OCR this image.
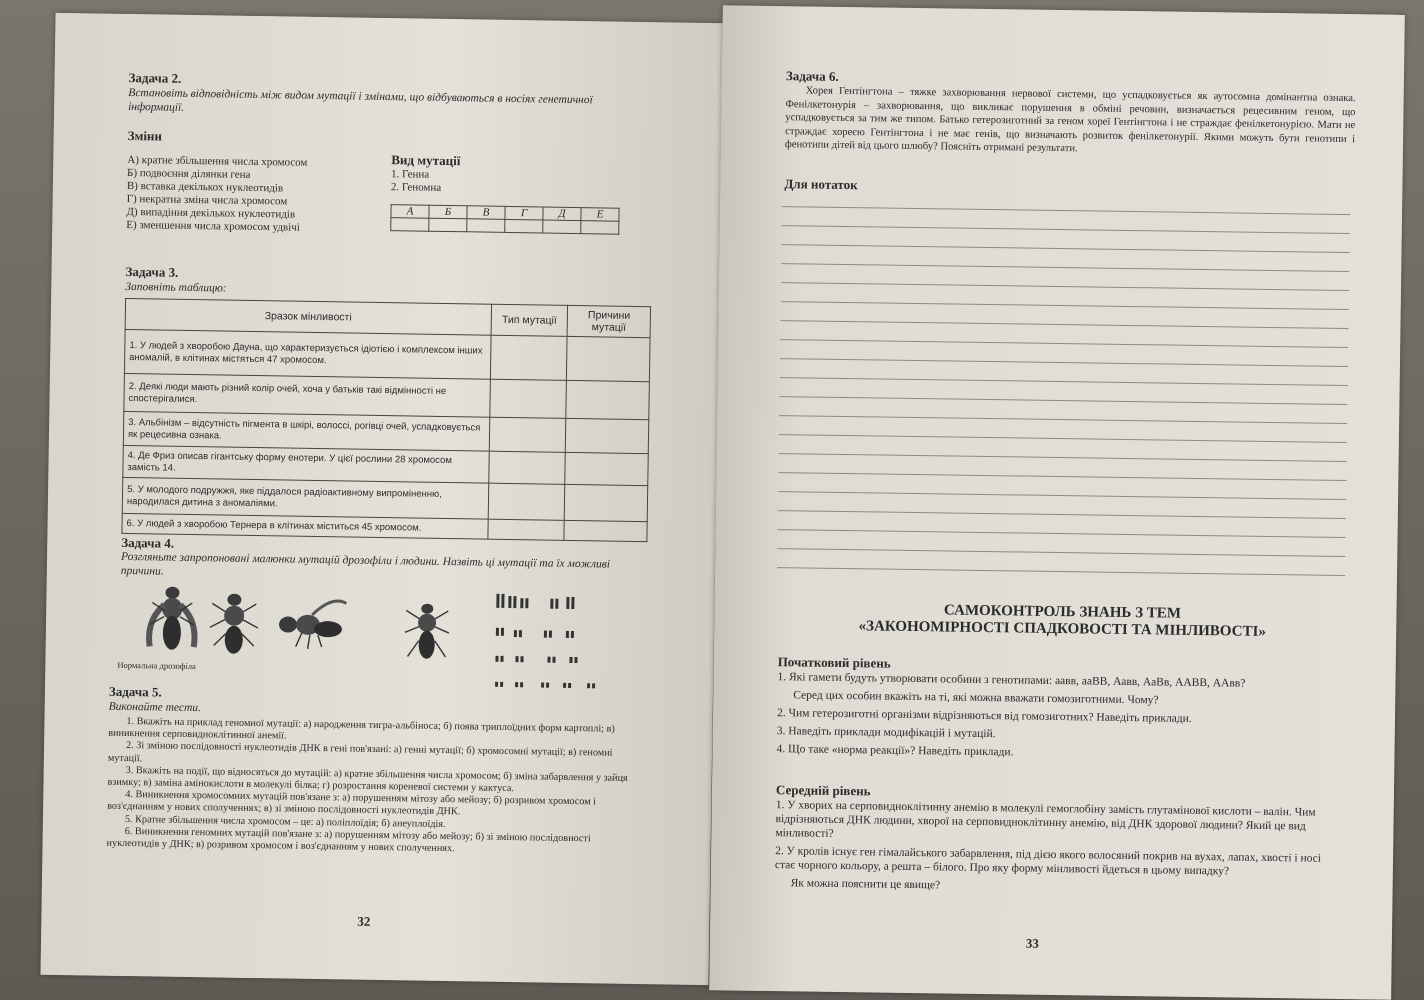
Задача 2.
Встановіть відповідність між видом мутації і змінами, що відбуваються в носіях генетичної інформації.
Зміни
А) кратне збільшення числа хромосом
Б) подвоєння ділянки гена
В) вставка декількох нуклеотидів
Г) некратна зміна числа хромосом
Д) випадіння декількох нуклеотидів
Е) зменшення числа хромосом удвічі
Вид мутації
1. Генна
2. Геномна
А	Б	В	Г	Д	Е

Задача 3.
Заповніть таблицю:
Зразок мінливості	Тип мутації	Причини мутації
1. У людей з хворобою Дауна, що характеризується ідіотією і комплексом інших аномалій, в клітинах містяться 47 хромосом.		
2. Деякі люди мають різний колір очей, хоча у батьків такі відмінності не спостерігалися.		
3. Альбінізм – відсутність пігмента в шкірі, волоссі, рогівці очей, успадковується як рецесивна ознака.		
4. Де Фриз описав гігантську форму енотери. У цієї рослини 28 хромосом замість 14.		
5. У молодого подружжя, яке піддалося радіоактивному випроміненню, народилася дитина з аномаліями.		
6. У людей з хворобою Тернера в клітинах міститься 45 хромосом.		
Задача 4.
Розгляньте запропоновані малюнки мутацій дрозофіли і людини. Назвіть ці мутації та їх можливі причини.
Нормальна дрозофіла
Задача 5.
Виконайте тести.
1. Вкажіть на приклад геномної мутації: а) народження тигра-альбіноса; б) поява триплоїдних форм картоплі; в) виникнення серповидноклітинної анемії.
2. Зі зміною послідовності нуклеотидів ДНК в гені пов'язані: а) генні мутації; б) хромосомні мутації; в) геномні мутації.
3. Вкажіть на події, що відносяться до мутацій: а) кратне збільшення числа хромосом; б) зміна забарвлення у зайця взимку; в) заміна амінокислоти в молекулі білка; г) розростання кореневої системи у кактуса.
4. Виникнення хромосомних мутацій пов'язане з: а) порушенням мітозу або мейозу; б) розривом хромосом і воз'єднанням у нових сполученнях; в) зі зміною послідовності нуклеотидів ДНК.
5. Кратне збільшення числа хромосом – це: а) поліплоїдія; б) анеуплоїдія.
6. Виникнення геномних мутацій пов'язане з: а) порушенням мітозу або мейозу; б) зі зміною послідовності нуклеотидів у ДНК; в) розривом хромосом і воз'єднанням у нових сполученнях.
32
Задача 6.
Хорея Гентінгтона – тяжке захворювання нервової системи, що успадковується як аутосомна домінантна ознака. Фенілкетонурія – захворювання, що викликає порушення в обміні речовин, визначається рецесивним геном, що успадковується за тим же типом. Батько гетерозиготний за геном хореї Гентінгтона і не страждає фенілкетонурією. Мати не страждає хореєю Гентінгтона і не має генів, що визначають розвиток фенілкетонурії. Якими можуть бути генотипи і фенотипи дітей від цього шлюбу? Поясніть отримані результати.
Для нотаток
САМОКОНТРОЛЬ ЗНАНЬ З ТЕМ
«ЗАКОНОМІРНОСТІ СПАДКОВОСТІ ТА МІНЛИВОСТІ»
Початковий рівень
1. Які гамети будуть утворювати особини з генотипами: аавв, ааВВ, Аавв, АаВв, ААВВ, ААвв?
Серед цих особин вкажіть на ті, які можна вважати гомозиготними. Чому?
2. Чим гетерозиготні організми відрізняються від гомозиготних? Наведіть приклади.
3. Наведіть приклади модифікацій і мутацій.
4. Що таке «норма реакції»? Наведіть приклади.
Середній рівень
1. У хворих на серповидноклітинну анемію в молекулі гемоглобіну замість глутамінової кислоти – валін. Чим відрізняються ДНК людини, хворої на серповидноклітинну анемію, від ДНК здорової людини? Який це вид мінливості?
2. У кролів існує ген гімалайського забарвлення, під дією якого волосяний покрив на вухах, лапах, хвості і носі стає чорного кольору, а решта – білого. Про яку форму мінливості йдеться в цьому випадку?
Як можна пояснити це явище?
33
